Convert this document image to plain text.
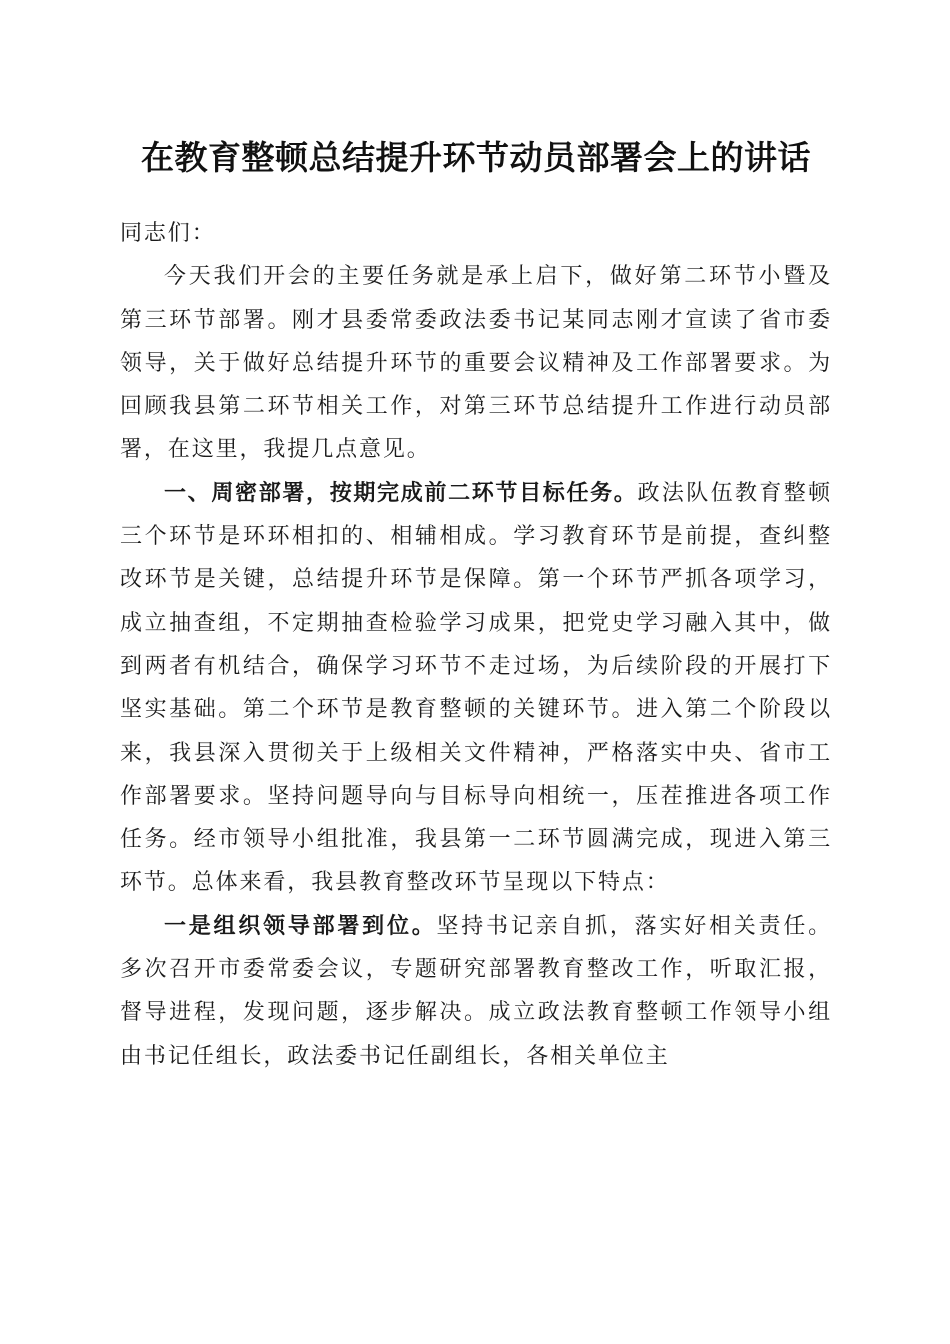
在教育整顿总结提升环节动员部署会上的讲话

同志们：

今天我们开会的主要任务就是承上启下，做好第二环节小暨及第三环节部署。刚才县委常委政法委书记某同志刚才宣读了省市委领导，关于做好总结提升环节的重要会议精神及工作部署要求。为回顾我县第二环节相关工作，对第三环节总结提升工作进行动员部署，在这里，我提几点意见。

一、周密部署，按期完成前二环节目标任务。政法队伍教育整顿三个环节是环环相扣的、相辅相成。学习教育环节是前提，查纠整改环节是关键，总结提升环节是保障。第一个环节严抓各项学习，成立抽查组，不定期抽查检验学习成果，把党史学习融入其中，做到两者有机结合，确保学习环节不走过场，为后续阶段的开展打下坚实基础。第二个环节是教育整顿的关键环节。进入第二个阶段以来，我县深入贯彻关于上级相关文件精神，严格落实中央、省市工作部署要求。坚持问题导向与目标导向相统一，压茬推进各项工作任务。经市领导小组批准，我县第一二环节圆满完成，现进入第三环节。总体来看，我县教育整改环节呈现以下特点：

一是组织领导部署到位。坚持书记亲自抓，落实好相关责任。多次召开市委常委会议，专题研究部署教育整改工作，听取汇报，督导进程，发现问题，逐步解决。成立政法教育整顿工作领导小组由书记任组长，政法委书记任副组长，各相关单位主
